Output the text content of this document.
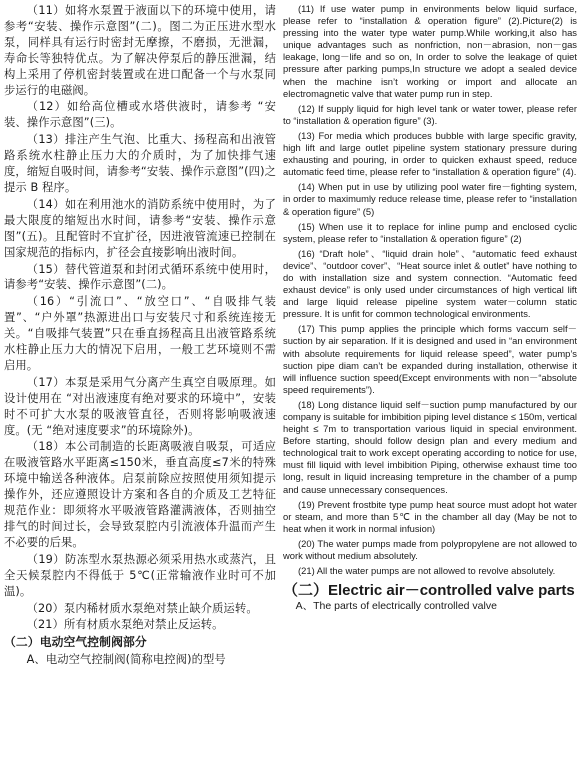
（11）如将水泵置于液面以下的环境中使用，请参考“安装、操作示意图”(二)。图二为正压进水型水泵，同样具有运行时密封无摩擦，不磨损，无泄漏，寿命长等独特优点。为了解决停泵后的静压泄漏，结构上采用了停机密封装置或在进口配备一个与水泵同步运行的电磁阀。

（12）如给高位槽或水塔供液时，请参考 “安装、操作示意图”(三)。

（13）排注产生气泡、比重大、扬程高和出液管路系统水柱静止压力大的介质时，为了加快排气速度，缩短自吸时间，请参考“安装、操作示意图”(四)之提示 B 程序。

（14）如在利用池水的消防系统中使用时，为了最大限度的缩短出水时间，请参考“安装、操作示意图”(五)。且配管时不宜扩径，因进液管流速已控制在国家规范的指标内，扩径会直接影响出液时间。

（15）替代管道泵和封闭式循环系统中使用时，请参考“安装、操作示意图”(二)。

（16）“引流口”、“放空口”、“自吸排气装置”、“户外罩”热源进出口与安装尺寸和系统连接无关。“自吸排气装置”只在垂直扬程高且出液管路系统水柱静止压力大的情况下启用，一般工艺环境则不需启用。

（17）本泵是采用气分离产生真空自吸原理。如设计使用在 “对出液速度有绝对要求的环境中”，安装时不可扩大水泵的吸液管直径，否则将影响吸液速度。(无 “绝对速度要求”的环境除外)。

（18）本公司制造的长距离吸液自吸泵，可适应在吸液管路水平距离≤150米，垂直高度≤7米的特殊环境中输送各种液体。启泵前除应按照使用须知提示操作外，还应遵照设计方案和各自的介质及工艺特征规范作业：即须将水平吸液管路灌满液体，否则抽空排气的时间过长，会导致泵腔内引流液体升温而产生不必要的后果。

（19）防冻型水泵热源必须采用热水或蒸汽，且全天候泵腔内不得低于 5℃(正常输液作业时可不加温)。

（20）泵内稀材质水泵绝对禁止缺介质运转。

（21）所有材质水泵绝对禁止反运转。

（二）电动空气控制阀部分

A、电动空气控制阀(简称电控阀)的型号

(11) If use water pump in environments below liquid surface, please refer to “installation & operation figure” (2).Picture(2) is pressing into the water type water pump.While working,it also has unique advantages such as nonfriction, non－abrasion, non－gas leakage, long－life and so on, In order to solve the leakage of quiet pressure after parking pumps,In structure we adopt a sealed device when the machine isn’t working or import and allocate an electromagnetic valve that water pump run in step.

(12) If supply liquid for high level tank or water tower, please refer to “installation & operation figure” (3).

(13) For media which produces bubble with large specific gravity, high lift and large outlet pipeline system stationary pressure during exhausting and pouring, in order to quicken exhaust speed, reduce automatic feed time, please refer to “installation & operation figure” (4).

(14) When put in use by utilizing pool water fire－fighting system, in order to maximumly reduce release time, please refer to “installation & operation figure” (5)

(15) When use it to replace for inline pump and enclosed cyclic system, please refer to “installation & operation figure” (2)

(16) “Draft hole”、“liquid drain hole”、“automatic feed exhaust device”、“outdoor cover”、“Heat source inlet & outlet” have nothing to do with installation size and system connection. “Automatic feed exhaust device” is only used under circumstances of high vertical lift and large liquid release pipeline system water－column static pressure. It is unfit for common technological environments.

(17) This pump applies the principle which forms vaccum self－suction by air separation. If it is designed and used in “an environment with absolute requirements for liquid release speed”, water pump’s suction pipe diam can’t be expanded during installation, otherwise it will influence suction speed(Except environments with non－“absolute speed requirements”).

(18) Long distance liquid self－suction pump manufactured by our company is suitable for imbibition piping level distance ≤ 150m, vertical height ≤ 7m to transportation various liquid in special environment. Before starting, should follow design plan and every medium and technological trait to work except operating according to notice for use, must fill liquid with level imbibition Piping, otherwise exhaust time too long, result in liquid increasing tempreture in the chamber of a pump and cause unnecessary consequences.

(19) Prevent frostbite type pump heat source must adopt hot water or steam, and more than 5℃ in the chamber all day (May be not to heat when it work in normal infusion)

(20) The water pumps made from polypropylene are not allowed to work without medium absolutely.

(21) All the water pumps are not allowed to revolve absolutely.

（二）Electric air－controlled valve parts

A、The parts of electrically controlled valve
